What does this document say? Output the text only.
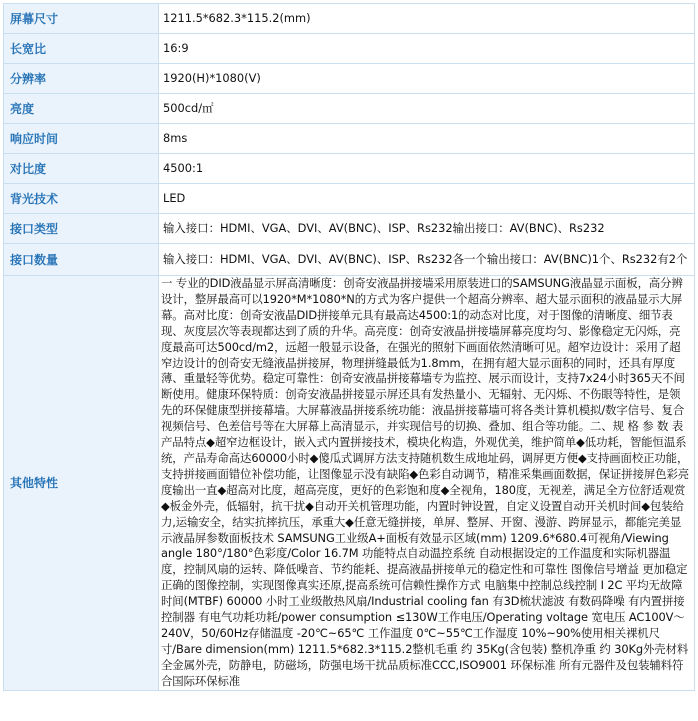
屏幕尺寸	1211.5*682.3*115.2(mm)
长宽比	16:9
分辨率	1920(H)*1080(V)
亮度	500cd/㎡
响应时间	8ms
对比度	4500:1
背光技术	LED
接口类型	输入接口：HDMI、VGA、DVI、AV(BNC)、ISP、Rs232输出接口：AV(BNC)、Rs232
接口数量	输入接口：HDMI、VGA、DVI、AV(BNC)、ISP、Rs232各一个输出接口：AV(BNC)1个、Rs232有2个
其他特性	一 专业的DID液晶显示屏高清晰度：创奇安液晶拼接墙采用原装进口的SAMSUNG液晶显示面板，高分辨设计，整屏最高可以1920*M*1080*N的方式为客户提供一个超高分辨率、超大显示面积的液晶显示大屏幕。高对比度：创奇安液晶DID拼接单元具有最高达4500:1的动态对比度，对于图像的清晰度、细节表现、灰度层次等表现都达到了质的升华。高亮度：创奇安液晶拼接墙屏幕亮度均匀、影像稳定无闪烁，亮度最高可达500cd/m2，远超一般显示设备，在强光的照射下画面依然清晰可见。超窄边设计：采用了超窄边设计的创奇安无缝液晶拼接屏，物理拼缝最低为1.8mm，在拥有超大显示面积的同时，还具有厚度薄、重量轻等优势。稳定可靠性：创奇安液晶拼接幕墙专为监控、展示而设计，支持7x24小时365天不间断使用。健康环保特质：创奇安液晶拼接显示屏还具有发热量小、无辐射、无闪烁、不伤眼等特性，是领先的环保健康型拼接幕墙。大屏幕液晶拼接系统功能：液晶拼接幕墙可将各类计算机模拟/数字信号、复合视频信号、色差信号等在大屏幕上高清显示，并实现信号的切换、叠加、组合等功能。二、规 格 参 数 表产品特点◆超窄边框设计，嵌入式内置拼接技术，模块化构造，外观优美，维护简单◆低功耗，智能恒温系统，产品寿命高达60000小时◆傻瓜式调屏方法支持随机数生成地址码，调屏更方便◆支持画面校正功能，支持拼接画面错位补偿功能，让图像显示没有缺陷◆色彩自动调节，精准采集画面数据，保证拼接屏色彩亮度输出一直◆超高对比度，超高亮度，更好的色彩饱和度◆全视角，180度，无视差，满足全方位舒适观赏◆板金外壳，低辐射，抗干扰◆自动开关机管理功能，内置时钟设置，自定义设置自动开关机时间◆包装给力,运输安全，结实抗摔抗压，承重大◆任意无缝拼接，单屏、整屏、开窗、漫游、跨屏显示，都能完美显示液晶屏参数面板技术 SAMSUNG工业级A+面板有效显示区域(mm) 1209.6*680.4可视角/Viewing angle 180°/180°色彩度/Color 16.7M 功能特点自动温控系统 自动根据设定的工作温度和实际机器温度，控制风扇的运转、降低噪音、节约能耗、提高液晶拼接单元的稳定性和可靠性 图像信号增益 更加稳定正确的图像控制，实现图像真实还原,提高系统可信赖性操作方式 电脑集中控制总线控制 I 2C 平均无故障时间(MTBF) 60000 小时工业级散热风扇/Industrial cooling fan 有3D梳状滤波 有数码降噪 有内置拼接控制器 有电气功耗功耗/power consumption ≤130W工作电压/Operating voltage 宽电压 AC100V～240V，50/60Hz存储温度 -20℃~65℃ 工作温度 0℃~55℃工作湿度 10%~90%使用相关裸机尺寸/Bare dimension(mm) 1211.5*682.3*115.2整机毛重 约 35Kg(含包装) 整机净重 约 30Kg外壳材料 全金属外壳，防静电，防磁场，防强电场干扰品质标准CCC,ISO9001 环保标准 所有元器件及包装辅料符合国际环保标准
